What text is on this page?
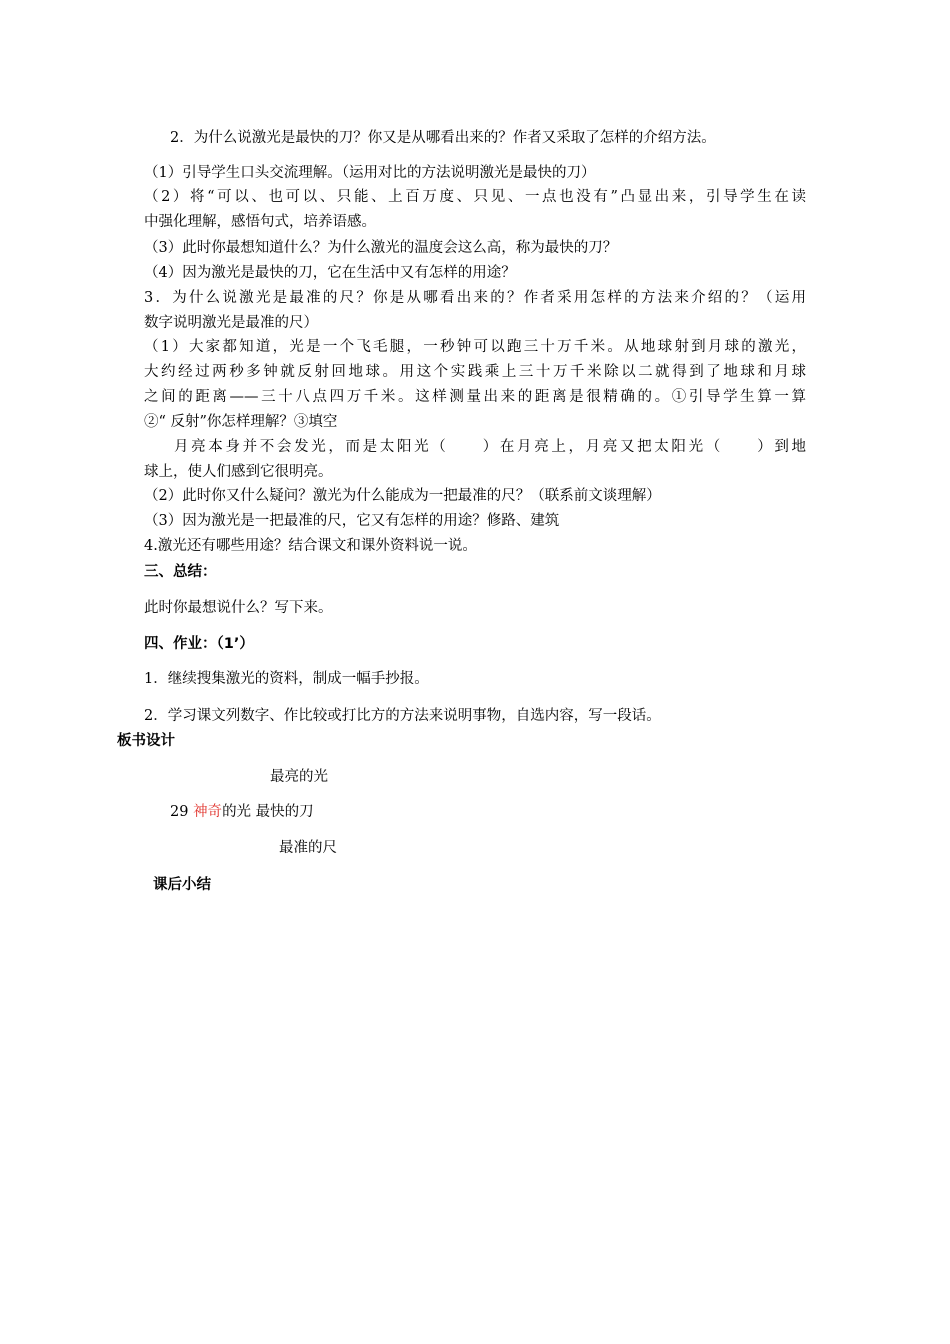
2．为什么说激光是最快的刀？你又是从哪看出来的？作者又采取了怎样的介绍方法。

（1）引导学生口头交流理解。（运用对比的方法说明激光是最快的刀）

（2）将“可以、也可以、只能、上百万度、只见、一点也没有”凸显出来，引导学生在读

中强化理解，感悟句式，培养语感。

（3）此时你最想知道什么？为什么激光的温度会这么高，称为最快的刀？

（4）因为激光是最快的刀，它在生活中又有怎样的用途？

3．为什么说激光是最准的尺？你是从哪看出来的？作者采用怎样的方法来介绍的？（运用

数字说明激光是最准的尺）

（1）大家都知道，光是一个飞毛腿，一秒钟可以跑三十万千米。从地球射到月球的激光，

大约经过两秒多钟就反射回地球。用这个实践乘上三十万千米除以二就得到了地球和月球

之间的距离——三十八点四万千米。这样测量出来的距离是很精确的。①引导学生算一算

②“ 反射”你怎样理解？③填空

月亮本身并不会发光，而是太阳光（　　）在月亮上，月亮又把太阳光（　　）到地

球上，使人们感到它很明亮。

（2）此时你又什么疑问？激光为什么能成为一把最准的尺？（联系前文谈理解）

（3）因为激光是一把最准的尺，它又有怎样的用途？修路、建筑

4.激光还有哪些用途？结合课文和课外资料说一说。

三、总结：

此时你最想说什么？写下来。

四、作业：（1’）

1．继续搜集激光的资料，制成一幅手抄报。

2．学习课文列数字、作比较或打比方的方法来说明事物，自选内容，写一段话。

板书设计

最亮的光

29 神奇的光 最快的刀

最准的尺

课后小结
